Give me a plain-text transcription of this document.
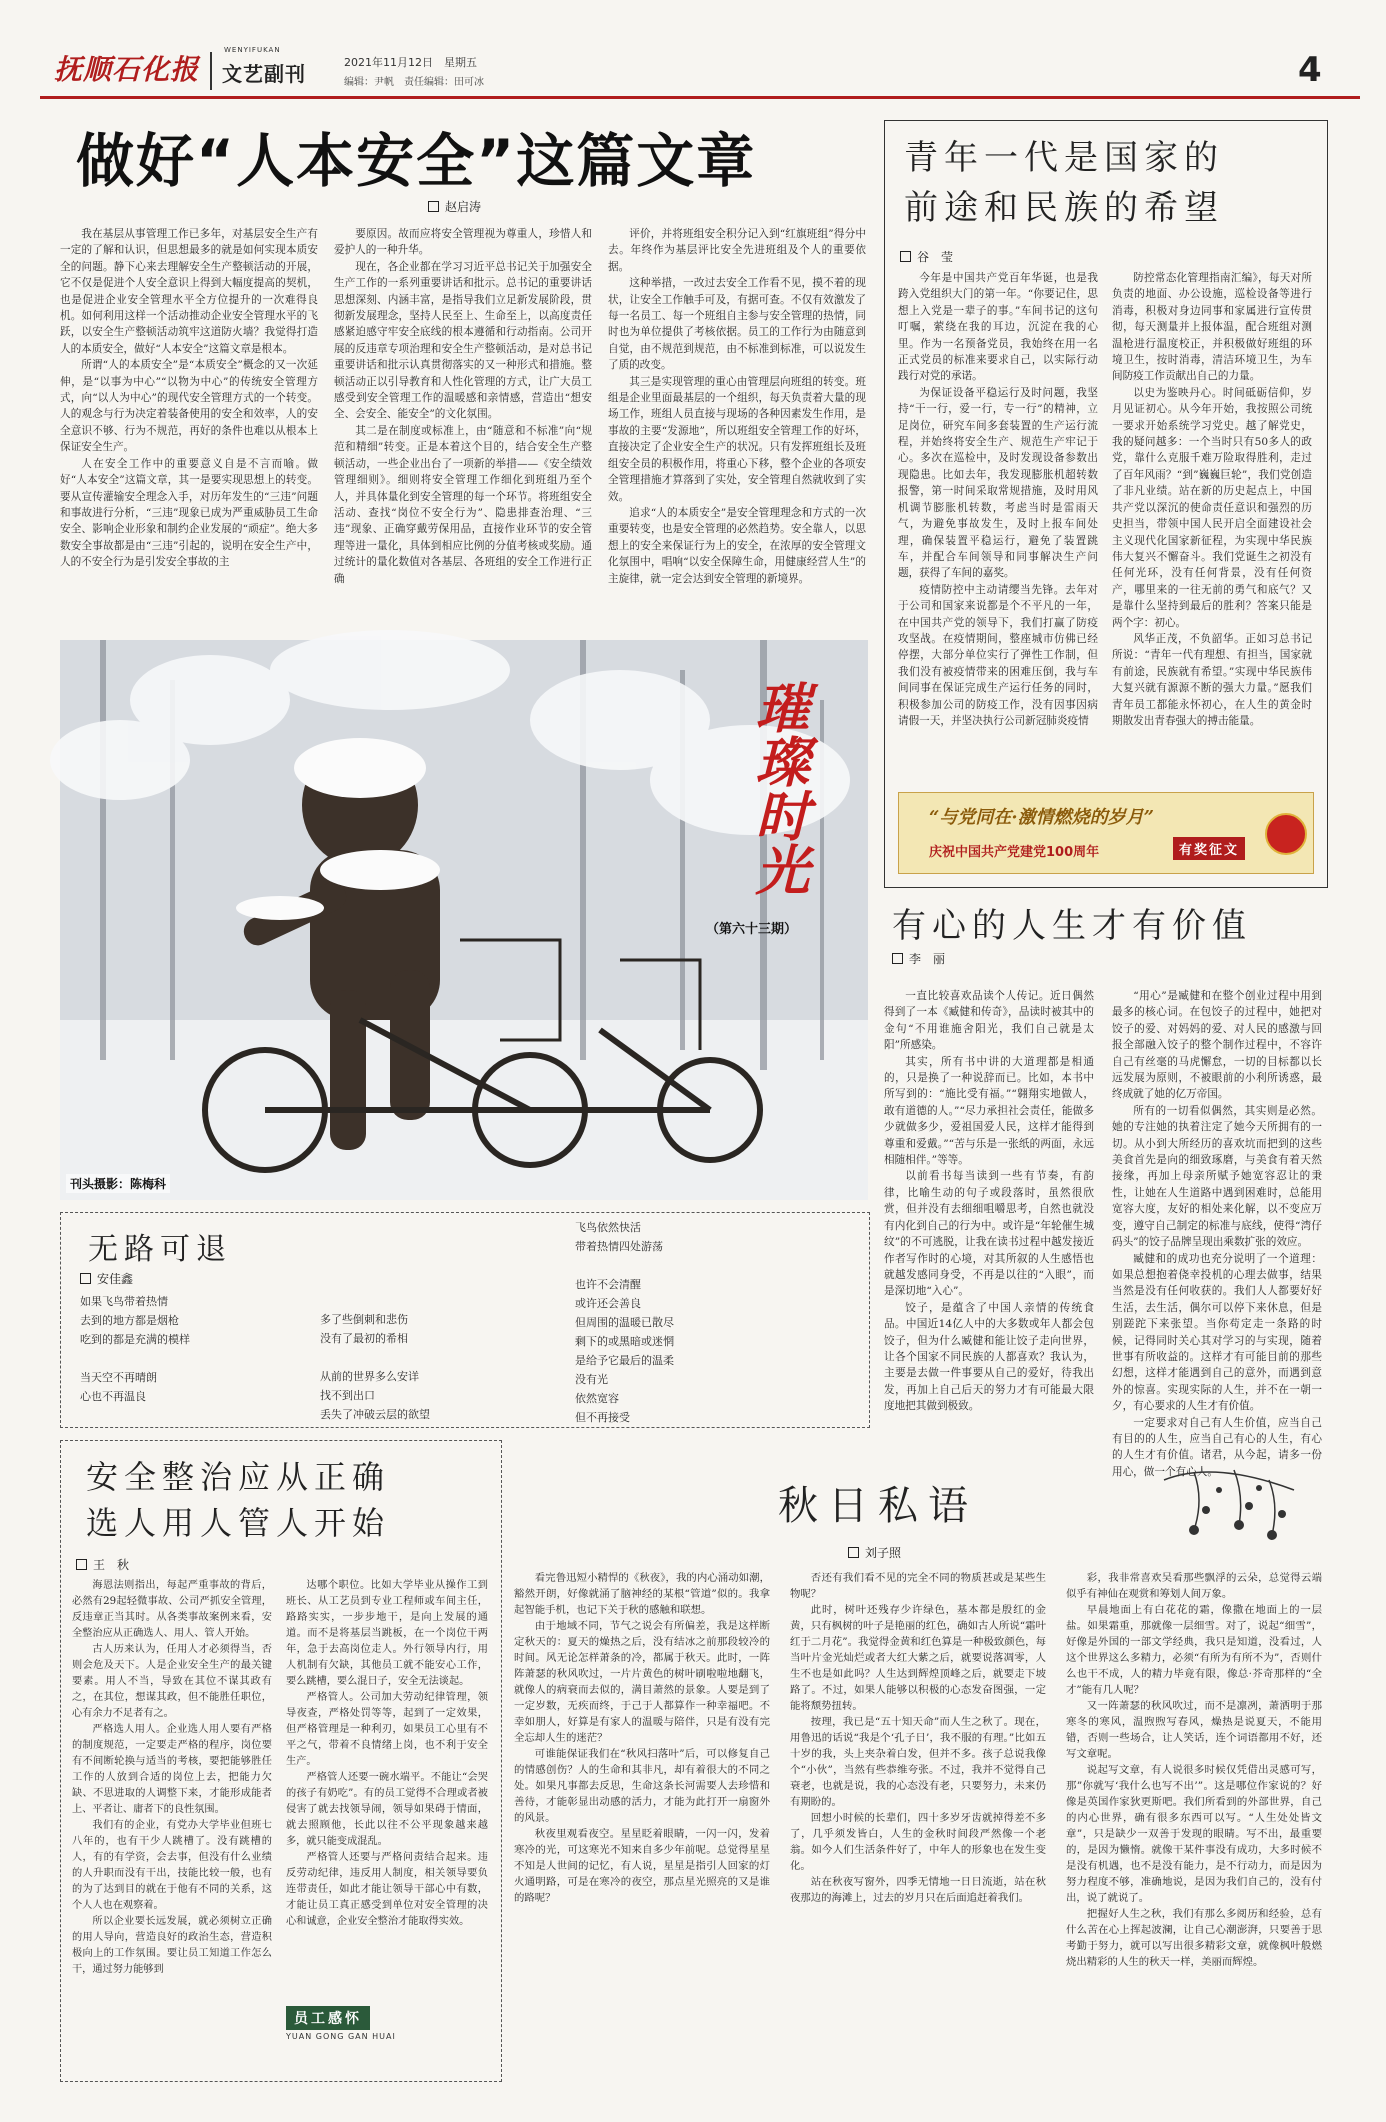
抚顺石化报
WENYIFUKAN
文艺副刊	2021年11月12日　星期五
编辑：尹帆　责任编辑：田可冰	4
做好“人本安全”这篇文章
赵启涛

我在基层从事管理工作已多年，对基层安全生产有一定的了解和认识，但思想最多的就是如何实现本质安全的问题。静下心来去理解安全生产整顿活动的开展，它不仅是促进个人安全意识上得到大幅度提高的契机，也是促进企业安全管理水平全方位提升的一次难得良机。如何利用这样一个活动推动企业安全管理水平的飞跃，以安全生产整顿活动筑牢这道防火墙？我觉得打造人的本质安全，做好“人本安全”这篇文章是根本。

所谓“人的本质安全”是“本质安全”概念的又一次延伸，是“以事为中心”“以物为中心”的传统安全管理方式，向“以人为中心”的现代安全管理方式的一个转变。人的观念与行为决定着装备使用的安全和效率，人的安全意识不够、行为不规范，再好的条件也难以从根本上保证安全生产。

人在安全工作中的重要意义自是不言而喻。做好“人本安全”这篇文章，其一是要实现思想上的转变。要从宣传灌输安全理念入手，对历年发生的“三违”问题和事故进行分析，“三违”现象已成为严重威胁员工生命安全、影响企业形象和制约企业发展的“顽症”。绝大多数安全事故都是由“三违”引起的，说明在安全生产中，人的不安全行为是引发安全事故的主

要原因。故而应将安全管理视为尊重人，珍惜人和爱护人的一种升华。

现在，各企业都在学习习近平总书记关于加强安全生产工作的一系列重要讲话和批示。总书记的重要讲话思想深刻、内涵丰富，是指导我们立足新发展阶段，贯彻新发展理念，坚持人民至上、生命至上，以高度责任感紧迫感守牢安全底线的根本遵循和行动指南。公司开展的反违章专项治理和安全生产整顿活动，是对总书记重要讲话和批示认真贯彻落实的又一种形式和措施。整顿活动正以引导教育和人性化管理的方式，让广大员工感受到安全管理工作的温暖感和亲情感，营造出“想安全、会安全、能安全”的文化氛围。

其二是在制度或标准上，由“随意和不标准”向“规范和精细”转变。正是本着这个目的，结合安全生产整顿活动，一些企业出台了一项新的举措——《安全绩效管理细则》。细则将安全管理工作细化到班组乃至个人，并具体量化到安全管理的每一个环节。将班组安全活动、查找“岗位不安全行为”、隐患排查治理、“三违”现象、正确穿戴劳保用品，直接作业环节的安全管理等进一量化，具体到相应比例的分值考核或奖励。通过统计的量化数值对各基层、各班组的安全工作进行正确

评价，并将班组安全积分记入到“红旗班组”得分中去。年终作为基层评比安全先进班组及个人的重要依据。

这种举措，一改过去安全工作看不见，摸不着的现状，让安全工作触手可及，有据可查。不仅有效激发了每一名员工、每一个班组自主参与安全管理的热情，同时也为单位提供了考核依据。员工的工作行为由随意到自觉，由不规范到规范，由不标准到标准，可以说发生了质的改变。

其三是实现管理的重心由管理层向班组的转变。班组是企业里面最基层的一个组织，每天负责着大量的现场工作，班组人员直接与现场的各种因素发生作用，是事故的主要“发源地”，所以班组安全管理工作的好坏，直接决定了企业安全生产的状况。只有发挥班组长及班组安全员的积极作用，将重心下移，整个企业的各项安全管理措施才算落到了实处，安全管理自然就收到了实效。

追求“人的本质安全”是安全管理理念和方式的一次重要转变，也是安全管理的必然趋势。安全靠人，以思想上的安全来保证行为上的安全，在浓厚的安全管理文化氛围中，唱响“以安全保障生命，用健康经营人生”的主旋律，就一定会达到安全管理的新境界。

青年一代是国家的
前途和民族的希望
谷　莹

今年是中国共产党百年华诞，也是我跨入党组织大门的第一年。“你要记住，思想上入党是一辈子的事。”车间书记的这句叮嘱，萦绕在我的耳边，沉淀在我的心里。作为一名预备党员，我始终在用一名正式党员的标准来要求自己，以实际行动践行对党的承诺。

为保证设备平稳运行及时问题，我坚持“干一行，爱一行，专一行”的精神，立足岗位，研究车间多套装置的生产运行流程，并始终将安全生产、规范生产牢记于心。多次在巡检中，及时发现设备参数出现隐患。比如去年，我发现膨胀机超转数报警，第一时间采取常规措施，及时用风机调节膨胀机转数，考虑当时是雷雨天气，为避免事故发生，及时上报车间处理，确保装置平稳运行，避免了装置跳车，并配合车间领导和同事解决生产问题，获得了车间的嘉奖。

疫情防控中主动请缨当先锋。去年对于公司和国家来说都是个不平凡的一年，在中国共产党的领导下，我们打赢了防疫攻坚战。在疫情期间，整座城市仿佛已经停摆，大部分单位实行了弹性工作制，但我们没有被疫情带来的困难压倒，我与车间同事在保证完成生产运行任务的同时，积极参加公司的防疫工作，没有因事因病请假一天，并坚决执行公司新冠肺炎疫情

防控常态化管理指南汇编》，每天对所负责的地面、办公设施，巡检设备等进行消毒，积极对身边同事和家属进行宣传贯彻，每天测量并上报体温，配合班组对测温枪进行温度校正，并积极做好班组的环境卫生，按时消毒，清洁环境卫生，为车间防疫工作贡献出自己的力量。

以史为鉴映丹心。时间砥砺信仰，岁月见证初心。从今年开始，我按照公司统一要求开始系统学习党史。越了解党史，我的疑问越多：一个当时只有50多人的政党，靠什么克服千难万险取得胜利，走过了百年风雨？“到”巍巍巨轮”，我们党创造了非凡业绩。站在新的历史起点上，中国共产党以深沉的使命责任意识和强烈的历史担当，带领中国人民开启全面建设社会主义现代化国家新征程，为实现中华民族伟大复兴不懈奋斗。我们党诞生之初没有任何光环，没有任何背景，没有任何资产，哪里来的一往无前的勇气和底气？又是靠什么坚持到最后的胜利？答案只能是两个字：初心。

风华正茂，不负韶华。正如习总书记所说：“青年一代有理想、有担当，国家就有前途，民族就有希望。”实现中华民族伟大复兴就有源源不断的强大力量。”愿我们青年员工都能永怀初心，在人生的黄金时期散发出青春强大的搏击能量。

“与党同在·激情燃烧的岁月”
庆祝中国共产党建党100周年	有奖征文
璀璨时光
（第六十三期）
刊头摄影：陈梅科
无路可退
安佳鑫
如果飞鸟带着热情
去到的地方都是烟枪
吃到的都是充满的模样

当天空不再晴朗
心也不再温良
多了些倒刺和悲伤
没有了最初的希相

从前的世界多么安详
找不到出口
丢失了冲破云层的欲望
飞鸟依然快活
带着热情四处游荡

也许不会清醒
或许还会善良
但周围的温暖已散尽
剩下的或黑暗或迷惘
是给予它最后的温柔
没有光
依然宽容
但不再接受
有心的人生才有价值
李　丽

一直比较喜欢品读个人传记。近日偶然得到了一本《臧健和传奇》，品读时被其中的金句“不用谁施舍阳光，我们自己就是太阳”所感染。

其实，所有书中讲的大道理都是相通的，只是换了一种说辞而已。比如，本书中所写到的：“施比受有福。”“翱翔实地做人，敢有道德的人。”“尽力承担社会责任，能做多少就做多少，爱祖国爱人民，这样才能得到尊重和爱戴。”“苦与乐是一张纸的两面，永远相随相伴。”等等。

以前看书每当读到一些有节奏，有韵律，比喻生动的句子或段落时，虽然很欣赏，但并没有去细细咀嚼思考，自然也就没有内化到自己的行为中。或许是“年轮催生城纹”的不可逃脱，让我在读书过程中越发接近作者写作时的心境，对其所叙的人生感悟也就越发感同身受，不再是以往的“入眼”，而是深切地“入心”。

饺子，是蕴含了中国人亲情的传统食品。中国近14亿人中的大多数或年人都会包饺子，但为什么臧健和能让饺子走向世界，让各个国家不同民族的人都喜欢？我认为，主要是去做一件事要从自己的爱好，待我出发，再加上自己后天的努力才有可能最大限度地把其做到极致。

“用心”是臧健和在整个创业过程中用到最多的核心词。在包饺子的过程中，她把对饺子的爱、对妈妈的爱、对人民的感激与回报全部融入饺子的整个制作过程中，不容许自己有丝毫的马虎懈怠，一切的目标都以长远发展为原则，不被眼前的小利所诱惑，最终成就了她的亿万帝国。

所有的一切看似偶然，其实则是必然。她的专注她的执着注定了她今天所拥有的一切。从小到大所经历的喜欢坑而把到的这些美食首先是向的细致琢磨，与美食有着天然接缘，再加上母亲所赋予她宽容忍让的秉性，让她在人生道路中遇到困难时，总能用宽容大度，友好的相处来化解，以不变应万变，遵守自己制定的标准与底线，使得“湾仔码头”的饺子品牌呈现出乘数扩张的效应。

臧健和的成功也充分说明了一个道理：如果总想抱着侥幸投机的心理去做事，结果当然是没有任何收获的。我们人人都要好好生活，去生活，偶尔可以停下来休息，但是别蹉跎下来张望。当你苟定走一条路的时候，记得同时关心其对学习的与实现，随着世事有所收益的。这样才有可能目前的那些幻想，这样才能遇到自己的意外，而遇到意外的惊喜。实现实际的人生，并不在一朝一夕，有心要求的人生才有价值。

一定要求对自己有人生价值，应当自己有目的的人生，应当自己有心的人生，有心的人生才有价值。诸君，从今起，请多一份用心，做一个有心人。

安全整治应从正确
选人用人管人开始
王　秋

海恩法则指出，每起严重事故的背后，必然有29起轻微事故、公司严抓安全管理，反违章正当其时。从各类事故案例来看，安全整治应从正确选人、用人、管人开始。

古人历来认为，任用人才必须得当，否则会危及天下。人是企业安全生产的最关键要素。用人不当，导致在其位不谋其政有之，在其位，想谋其政，但不能胜任职位，心有余力不足者有之。

严格选人用人。企业选人用人要有严格的制度规范，一定要走严格的程序，岗位要有不间断轮换与适当的考核，要把能够胜任工作的人放到合适的岗位上去，把能力欠缺、不思进取的人调整下来，才能形成能者上、平者让、庸者下的良性氛围。

我们有的企业，有党办大学毕业但班七八年的，也有干少人跳槽了。没有跳槽的人，有的有学资，会去事，但没有什么业绩的人升职而没有干出，技能比较一般，也有的为了达到目的就在于他有不同的关系，这个人人也在观察着。

所以企业要长远发展，就必须树立正确的用人导向，营造良好的政治生态，营造积极向上的工作氛围。要让员工知道工作怎么干，通过努力能够到

达哪个职位。比如大学毕业从操作工到班长、从工艺员到专业工程师或车间主任，路路实实，一步步地干，是向上发展的通道。而不是将基层当跳板，在一个岗位干两年，急于去高岗位走人。外行领导内行，用人机制有欠缺，其他员工就不能安心工作，要么跳槽，要么混日子，安全无法谈起。

严格管人。公司加大劳动纪律管理，领导夜查，严格处罚等等，起到了一定效果，但严格管理是一种利刃，如果员工心里有不平之气，带着不良情绪上岗，也不利于安全生产。

严格管人还要一碗水端平。不能让“会哭的孩子有奶吃”。有的员工觉得不合理或者被侵害了就去找领导闹，领导如果碍于情面，就去照顾他，长此以往不公平现象越来越多，就只能变成混乱。

严格管人还要与严格问责结合起来。违反劳动纪律，违反用人制度，相关领导要负连带责任，如此才能让领导干部心中有数，才能让员工真正感受到单位对安全管理的决心和诚意，企业安全整治才能取得实效。

员工感怀
YUAN GONG GAN HUAI
秋日私语
刘子照

看完鲁迅短小精悍的《秋夜》，我的内心涌动如潮，豁然开朗，好像就涌了脑神经的某根“管道”似的。我拿起智能手机，也记下关于秋的感触和联想。

由于地域不同，节气之说会有所偏差，我是这样断定秋天的：夏天的燥热之后，没有结冰之前那段较冷的时间。风无论怎样萧条的冷，都属于秋天。此时，一阵阵萧瑟的秋风吹过，一片片黄色的树叶刷啦啦地翻飞，就像人的病衰而去似的，满目萧然的景象。人要是到了一定岁数，无疾而终，于己于人都算作一种幸福吧。不幸如朋人，好算是有家人的温暖与陪伴，只是有没有完全忘却人生的迷茫？

可谁能保证我们在“秋风扫落叶”后，可以修复自己的情感创伤？人的生命和其非凡，却有着很大的不同之处。如果凡事都去反思，生命这条长河需要人去珍惜和善待，才能彰显出动感的活力，才能为此打开一扇窗外的风景。

秋夜里观看夜空。星星眨着眼睛，一闪一闪，发着寒冷的光，可这寒光不知来自多少年前呢。总觉得星星不知是人世间的记忆，有人说，星星是指引人回家的灯火通明路，可是在寒冷的夜空，那点星光照亮的又是谁的路呢？

否还有我们看不见的完全不同的物质甚或是某些生物呢？

此时，树叶还残存少许绿色，基本都是殷红的金黄，只有枫树的叶子是艳丽的红色，确如古人所说“霜叶红于二月花”。我觉得金黄和红色算是一种极致颜色，每当叶片金光灿烂或者大红大紫之后，就要说落凋零，人生不也是如此吗？人生达到辉煌顶峰之后，就要走下坡路了。不过，如果人能够以积极的心态发奋图强，一定能将颓势扭转。

按理，我已是“五十知天命”而人生之秋了。现在，用鲁迅的话说“我是个‘孔子日’，我不服的有理。”比如五十岁的我，头上夹杂着白发，但并不多。孩子总说我像个“小伙”，当然有些恭维夸张。不过，我并不觉得自己衰老，也就是说，我的心态没有老，只要努力，未来仍有期盼的。

回想小时候的长辈们，四十多岁牙齿就掉得差不多了，几乎须发皆白，人生的金秋时间段严然像一个老翁。如今人们生活条件好了，中年人的形象也在发生变化。

站在秋夜写窗外，四季无情地一日日流逝，站在秋夜那边的海滩上，过去的岁月只在后面追赶着我们。

彩，我非常喜欢吴看那些飘浮的云朵，总觉得云端似乎有神仙在观赏和筹划人间万象。

早晨地面上有白花花的霜，像撒在地面上的一层盐。如果霜重，那就像一层细雪。对了，说起“细雪”，好像是外国的一部文学经典，我只是知道，没看过，人这个世界这么多精力，必须“有所为有所不为”，否则什么也干不成，人的精力毕竟有限，像总·芥奇那样的“全才”能有几人呢？

又一阵萧瑟的秋风吹过，而不是凛冽，萧洒明于那寒冬的寒风，温煦煦写春风，燥热是说夏天，不能用错，否则一些场合，让人笑话，连个词语都用不好，还写文章呢。

说起写文章，有人说很多时候仅凭借出灵感可写，那”你就写‘我什么也写不出’”。这是哪位作家说的？好像是英国作家狄更斯吧。我们所看到的外部世界，自己的内心世界，确有很多东西可以写。“人生处处皆文章”，只是缺少一双善于发现的眼睛。写不出，最重要的，是因为懒惰。就像干某件事没有成功，大多时候不是没有机遇，也不是没有能力，是不行动力，而是因为努力程度不够，准确地说，是因为我们自己的，没有付出，说了就说了。

把握好人生之秋，我们有那么多阅历和经验，总有什么苦在心上挥起波澜，让自己心潮澎湃，只要善于思考勤于努力，就可以写出很多精彩文章，就像枫叶般燃烧出精彩的人生的秋天一样，美丽而辉煌。
